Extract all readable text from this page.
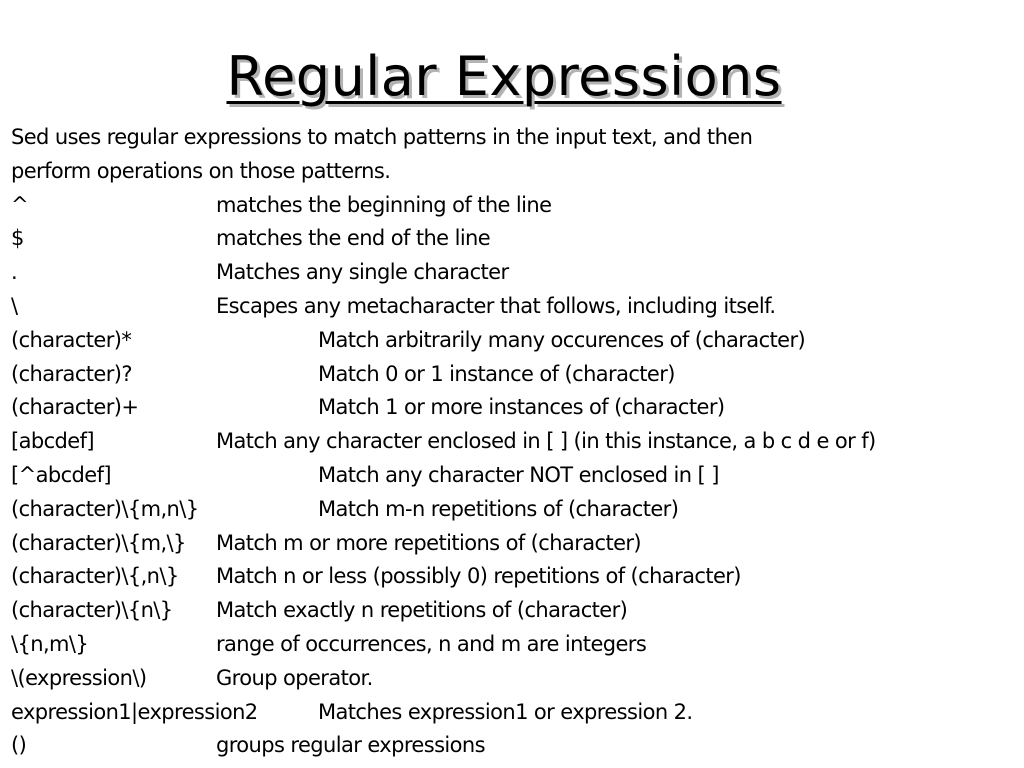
Regular Expressions

Sed uses regular expressions to match patterns in the input text, and then

perform operations on those patterns.

^	matches the beginning of the line
$	matches the end of the line
.	Matches any single character
\	Escapes any metacharacter that follows, including itself.
(character)*	Match arbitrarily many occurences of (character)
(character)?	Match 0 or 1 instance of (character)
(character)+	Match 1 or more instances of (character)
[abcdef]	Match any character enclosed in [ ] (in this instance, a b c d e or f)
[^abcdef]	Match any character NOT enclosed in [ ]
(character)\{m,n\}	Match m-n repetitions of (character)
(character)\{m,\} Match m or more repetitions of (character)
(character)\{,n\} Match n or less (possibly 0) repetitions of (character)
(character)\{n\} Match exactly n repetitions of (character)
\{n,m\}	range of occurrences, n and m are integers
\(expression\)	Group operator.
expression1|expression2	Matches expression1 or expression 2.
()	groups regular expressions
